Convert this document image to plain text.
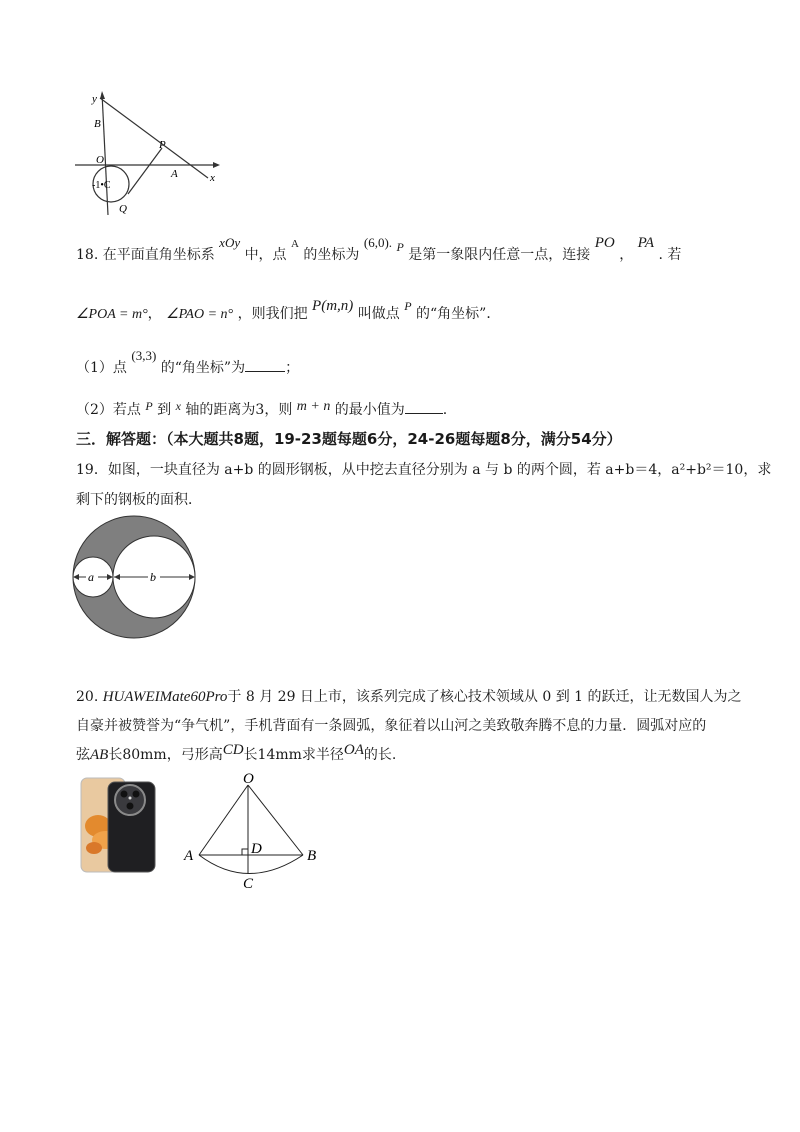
y
B
O
P
A	x
-1•C
Q
18. 在平面直角坐标系 xOy 中，点 $^A$ 的坐标为 (6,0). P 是第一象限内任意一点，连接 PO ， PA . 若
∠POA = m°， ∠PAO = n° ，则我们把 P(m,n) 叫做点 P 的“角坐标”．
（1）点 (3,3) 的“角坐标”为	；
（2）若点 P 到 x 轴的距离为3，则 m + n 的最小值为	.
三．解答题：（本大题共8题，19-23题每题6分，24-26题每题8分，满分54分）
19．如图，一块直径为 a+b 的圆形钢板，从中挖去直径分别为 a 与 b 的两个圆，若 a+b＝4，a²+b²＝10，求
剩下的钢板的面积．
a	b
20. HUAWEIMate60Pro于 8 月 29 日上市，该系列完成了核心技术领域从 0 到 1 的跃迁，让无数国人为之
自豪并被赞誉为“争气机”，手机背面有一条圆弧，象征着以山河之美致敬奔腾不息的力量．圆弧对应的
弦AB长80mm，弓形高CD长14mm求半径OA的长.
O
A	B
D
C
